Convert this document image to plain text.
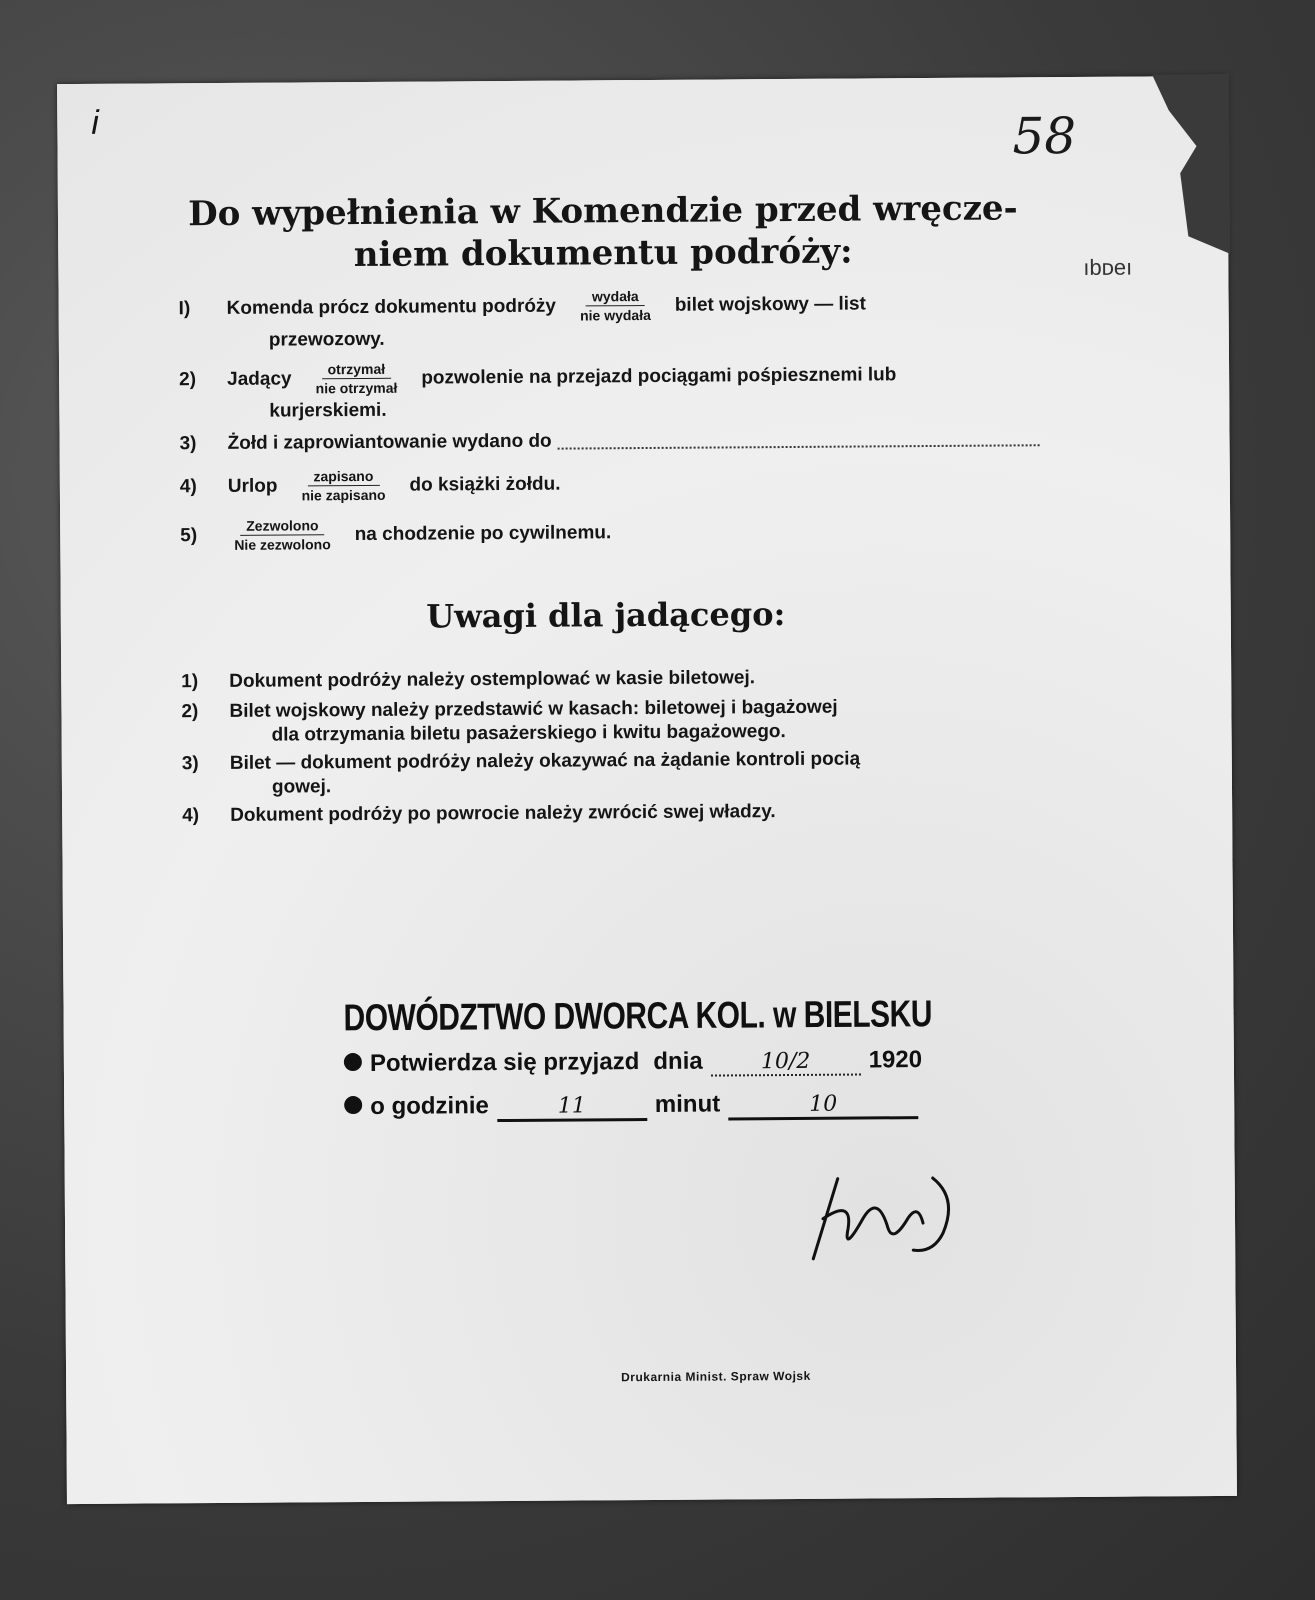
i	58
ıbᴅeı
Do wypełnienia w Komendzie przed wręcze-niem dokumentu podróży:
I)	Komenda prócz dokumentu podróży $\frac{\text{wydała}}{\text{nie wydała}}$ bilet wojskowy — list
przewozowy.
2)	Jadący $\frac{\text{otrzymał}}{\text{nie otrzymał}}$ pozwolenie na przejazd pociągami pośpiesznemi lub
kurjerskiemi.
3)	Żołd i zaprowiantowanie wydano do
4)	Urlop $\frac{\text{zapisano}}{\text{nie zapisano}}$ do książki żołdu.
5)	$\frac{\text{Zezwolono}}{\text{Nie zezwolono}}$ na chodzenie po cywilnemu.
Uwagi dla jadącego:
1)	Dokument podróży należy ostemplować w kasie biletowej.
2)	Bilet wojskowy należy przedstawić w kasach: biletowej i bagażowej
dla otrzymania biletu pasażerskiego i kwitu bagażowego.
3)	Bilet — dokument podróży należy okazywać na żądanie kontroli pocią
gowej.
4)	Dokument podróży po powrocie należy zwrócić swej władzy.
DOWÓDZTWO DWORCA KOL. w BIELSKU
Potwierdza się przyjazd dnia	10/2	1920
o godzinie	11	minut	10
Drukarnia Minist. Spraw Wojsk
